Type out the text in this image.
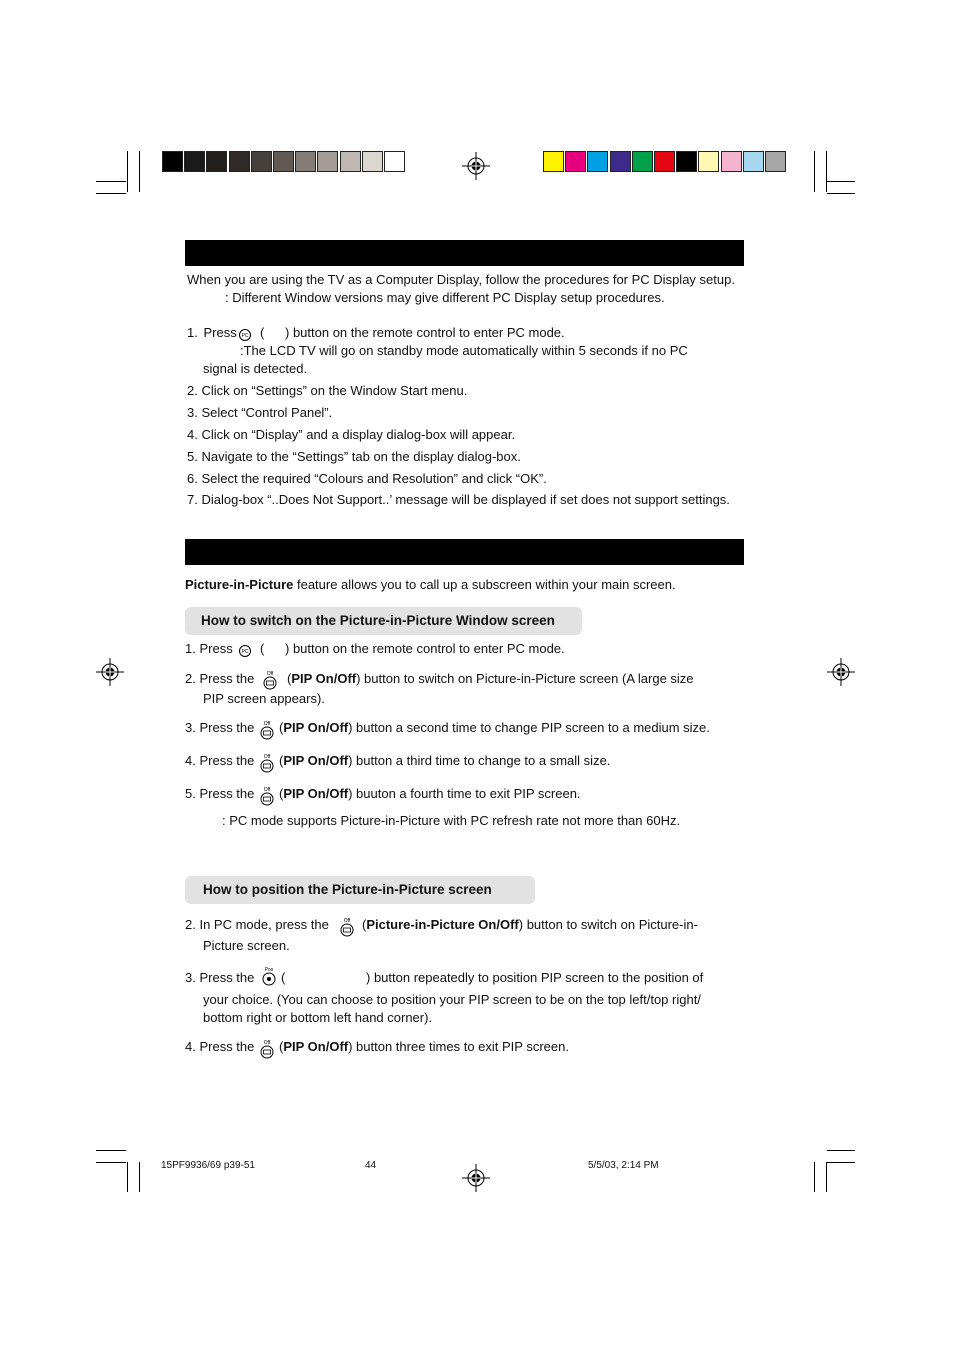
When you are using the TV as a Computer Display, follow the procedures for PC Display setup.
: Different Window versions may give different PC Display setup procedures.
1. Press PC ( ) button on the remote control to enter PC mode.
:The LCD TV will go on standby mode automatically within 5 seconds if no PC
signal is detected.
2. Click on “Settings” on the Window Start menu.
3. Select “Control Panel”.
4. Click on “Display” and a display dialog-box will appear.
5. Navigate to the “Settings” tab on the display dialog-box.
6. Select the required “Colours and Resolution” and click “OK”.
7. Dialog-box “..Does Not Support..’ message will be displayed if set does not support settings.
Picture-in-Picture feature allows you to call up a subscreen within your main screen.
How to switch on the Picture-in-Picture Window screen
1. Press PC ( ) button on the remote control to enter PC mode.
2. Press the Off (PIP On/Off) button to switch on Picture-in-Picture screen (A large size
PIP screen appears).
3. Press the Off (PIP On/Off) button a second time to change PIP screen to a medium size.
4. Press the Off (PIP On/Off) button a third time to change to a small size.
5. Press the Off (PIP On/Off) buuton a fourth time to exit PIP screen.
: PC mode supports Picture-in-Picture with PC refresh rate not more than 60Hz.
How to position the Picture-in-Picture screen
2. In PC mode, press the	Off (Picture-in-Picture On/Off) button to switch on Picture-in-
Picture screen.
3. Press the Pos (	) button repeatedly to position PIP screen to the position of
your choice. (You can choose to position your PIP screen to be on the top left/top right/
bottom right or bottom left hand corner).
4. Press the Off (PIP On/Off) button three times to exit PIP screen.
15PF9936/69 p39-51	44	5/5/03, 2:14 PM
